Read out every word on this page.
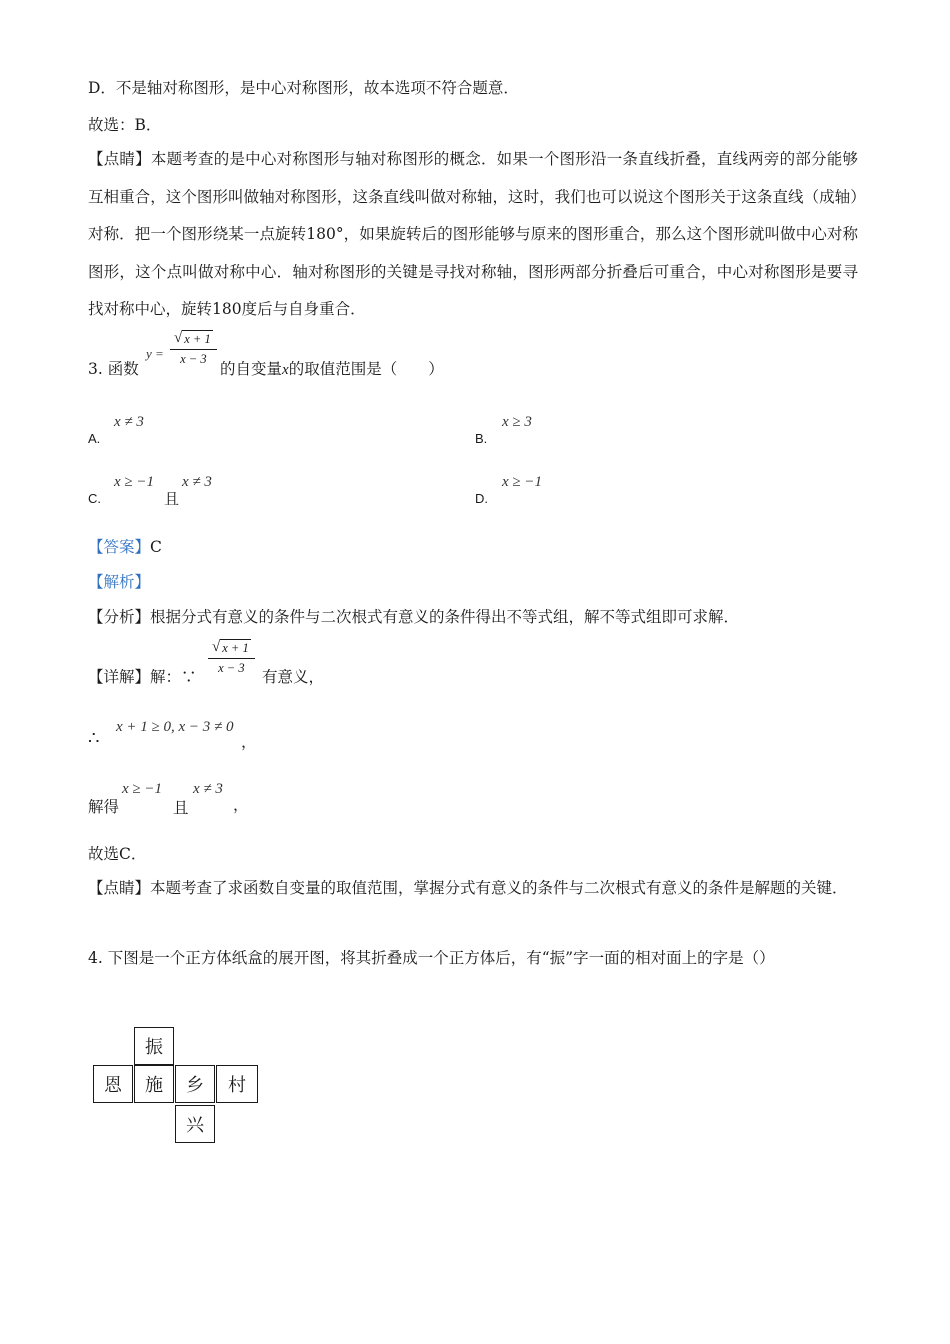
D．不是轴对称图形，是中心对称图形，故本选项不符合题意．
故选：B．
【点睛】本题考查的是中心对称图形与轴对称图形的概念．如果一个图形沿一条直线折叠，直线两旁的部分能够互相重合，这个图形叫做轴对称图形，这条直线叫做对称轴，这时，我们也可以说这个图形关于这条直线（成轴）对称．把一个图形绕某一点旋转180°，如果旋转后的图形能够与原来的图形重合，那么这个图形就叫做中心对称图形，这个点叫做对称中心．轴对称图形的关键是寻找对称轴，图形两部分折叠后可重合，中心对称图形是要寻找对称中心，旋转180度后与自身重合．
3. 函数
$y = \frac{√ x + 1}{x - 3}$
的自变量x的取值范围是（　　）
A.
x ≠ 3
B.
x ≥ 3
C.
x ≥ −1
且
x ≠ 3
D.
x ≥ −1
【答案】C
【解析】
【分析】根据分式有意义的条件与二次根式有意义的条件得出不等式组，解不等式组即可求解．
【详解】解：∵
$\frac{√ x + 1}{x - 3}$
有意义，
∴
x + 1 ≥ 0, x − 3 ≠ 0
，
解得
x ≥ −1
且
x ≠ 3
，
故选C．
【点睛】本题考查了求函数自变量的取值范围，掌握分式有意义的条件与二次根式有意义的条件是解题的关键．
4. 下图是一个正方体纸盒的展开图，将其折叠成一个正方体后，有“振”字一面的相对面上的字是（）
振
恩	施	乡	村
兴
